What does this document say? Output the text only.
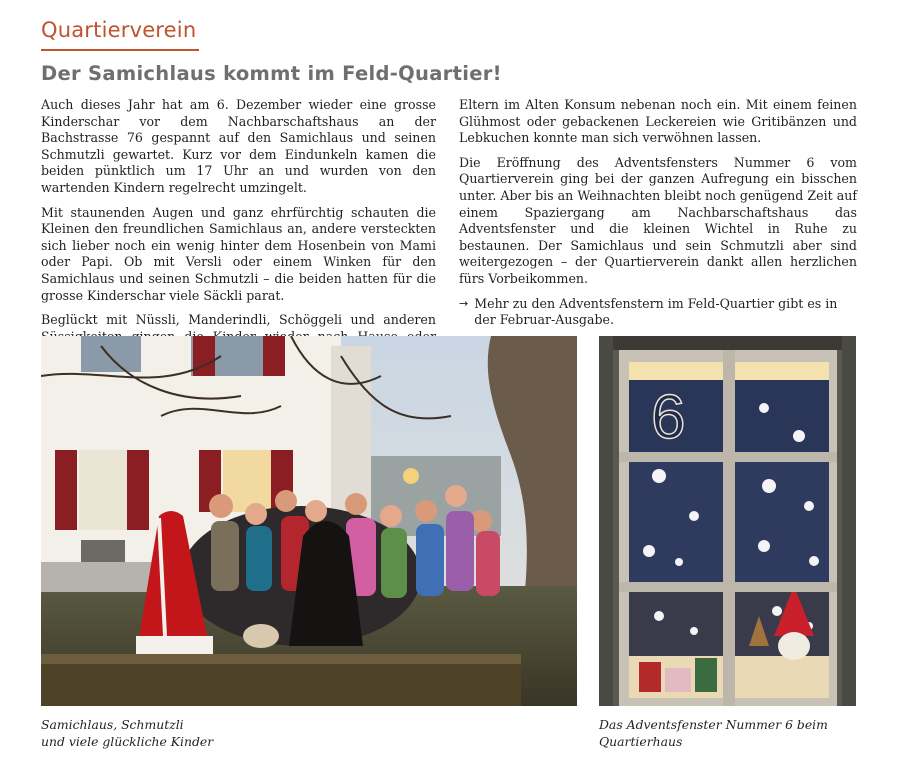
Quartierverein
Der Samichlaus kommt im Feld-Quartier!

Auch dieses Jahr hat am 6. Dezember wieder eine grosse Kinderschar vor dem Nachbarschaftshaus an der Bachstrasse 76 gespannt auf den Samichlaus und seinen Schmutzli gewartet. Kurz vor dem Eindunkeln kamen die beiden pünktlich um 17 Uhr an und wurden von den wartenden Kindern regelrecht umzingelt.

Mit staunenden Augen und ganz ehrfürchtig schauten die Kleinen den freundlichen Samichlaus an, andere versteckten sich lieber noch ein wenig hinter dem Hosenbein von Mami oder Papi. Ob mit Versli oder einem Winken für den Samichlaus und seinen Schmutzli – die beiden hatten für die grosse Kinderschar viele Säckli parat.

Beglückt mit Nüssli, Manderindli, Schöggeli und anderen

Eltern im Alten Konsum nebenan noch ein. Mit einem feinen Glühmost oder gebackenen Leckereien wie Gritibänzen und Lebkuchen konnte man sich verwöhnen lassen.

Die Eröffnung des Adventsfensters Nummer 6 vom Quartierverein ging bei der ganzen Aufregung ein bisschen unter. Aber bis an Weihnachten bleibt noch genügend Zeit auf einem Spaziergang am Nachbarschaftshaus das Adventsfenster und die kleinen Wichtel in Ruhe zu bestaunen. Der Samichlaus und sein Schmutzli aber sind weitergezogen – der Quartierverein dankt allen herzlichen fürs Vorbeikommen.

→ Mehr zu den Adventsfenstern im Feld-Quartier gibt es in der Februar-Ausgabe.
6

Samichlaus, Schmutzli
und viele glückliche Kinder

Das Adventsfenster Nummer 6 beim
Quartierhaus
